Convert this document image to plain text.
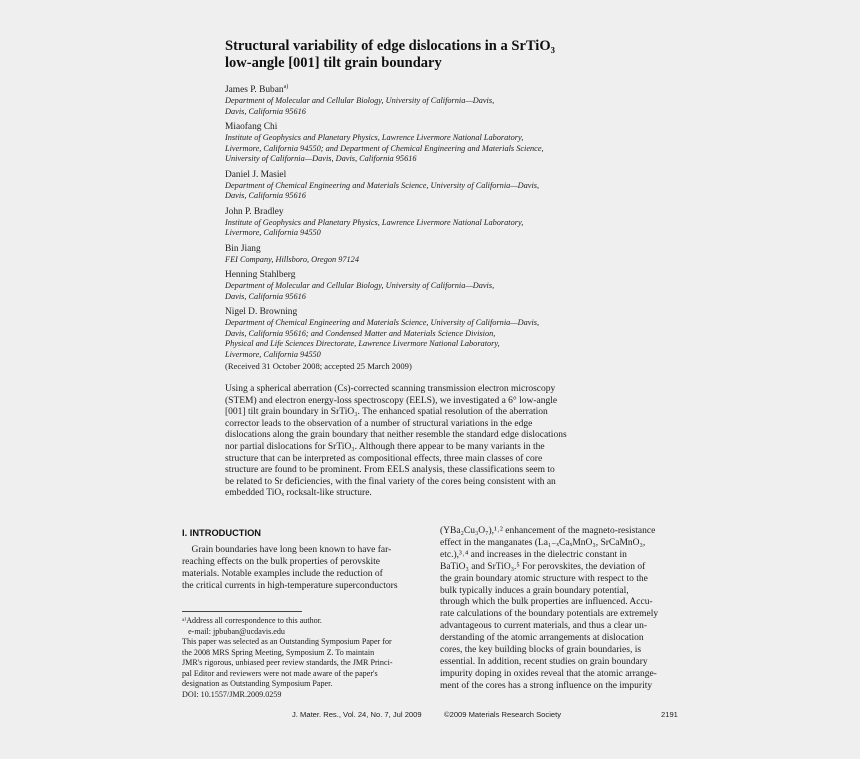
Structural variability of edge dislocations in a SrTiO₃
low-angle [001] tilt grain boundary
James P. Buban$^{a)}$
Department of Molecular and Cellular Biology, University of California—Davis,
Davis, California 95616
Miaofang Chi
Institute of Geophysics and Planetary Physics, Lawrence Livermore National Laboratory,
Livermore, California 94550; and Department of Chemical Engineering and Materials Science,
University of California—Davis, Davis, California 95616
Daniel J. Masiel
Department of Chemical Engineering and Materials Science, University of California—Davis,
Davis, California 95616
John P. Bradley
Institute of Geophysics and Planetary Physics, Lawrence Livermore National Laboratory,
Livermore, California 94550
Bin Jiang
FEI Company, Hillsboro, Oregon 97124
Henning Stahlberg
Department of Molecular and Cellular Biology, University of California—Davis,
Davis, California 95616
Nigel D. Browning
Department of Chemical Engineering and Materials Science, University of California—Davis,
Davis, California 95616; and Condensed Matter and Materials Science Division,
Physical and Life Sciences Directorate, Lawrence Livermore National Laboratory,
Livermore, California 94550
(Received 31 October 2008; accepted 25 March 2009)
Using a spherical aberration (Cs)-corrected scanning transmission electron microscopy
(STEM) and electron energy-loss spectroscopy (EELS), we investigated a 6° low-angle
[001] tilt grain boundary in SrTiO₃. The enhanced spatial resolution of the aberration
corrector leads to the observation of a number of structural variations in the edge
dislocations along the grain boundary that neither resemble the standard edge dislocations
nor partial dislocations for SrTiO₃. Although there appear to be many variants in the
structure that can be interpreted as compositional effects, three main classes of core
structure are found to be prominent. From EELS analysis, these classifications seem to
be related to Sr deficiencies, with the final variety of the cores being consistent with an
embedded TiOₓ rocksalt-like structure.
I. INTRODUCTION
Grain boundaries have long been known to have far-
reaching effects on the bulk properties of perovskite
materials. Notable examples include the reduction of
the critical currents in high-temperature superconductors
ᵃ⁾Address all correspondence to this author.
e-mail: jpbuban@ucdavis.edu
This paper was selected as an Outstanding Symposium Paper for
the 2008 MRS Spring Meeting, Symposium Z. To maintain
JMR's rigorous, unbiased peer review standards, the JMR Princi-
pal Editor and reviewers were not made aware of the paper's
designation as Outstanding Symposium Paper.
DOI: 10.1557/JMR.2009.0259
(YBa₂Cu₃O₇),¹˒² enhancement of the magneto-resistance
effect in the manganates (La₁₋ₓCaₓMnO₃, SrCaMnO₃,
etc.),³˒⁴ and increases in the dielectric constant in
BaTiO₃ and SrTiO₃.⁵ For perovskites, the deviation of
the grain boundary atomic structure with respect to the
bulk typically induces a grain boundary potential,
through which the bulk properties are influenced. Accu-
rate calculations of the boundary potentials are extremely
advantageous to current materials, and thus a clear un-
derstanding of the atomic arrangements at dislocation
cores, the key building blocks of grain boundaries, is
essential. In addition, recent studies on grain boundary
impurity doping in oxides reveal that the atomic arrange-
ment of the cores has a strong influence on the impurity
J. Mater. Res., Vol. 24, No. 7, Jul 2009	©2009 Materials Research Society	2191
